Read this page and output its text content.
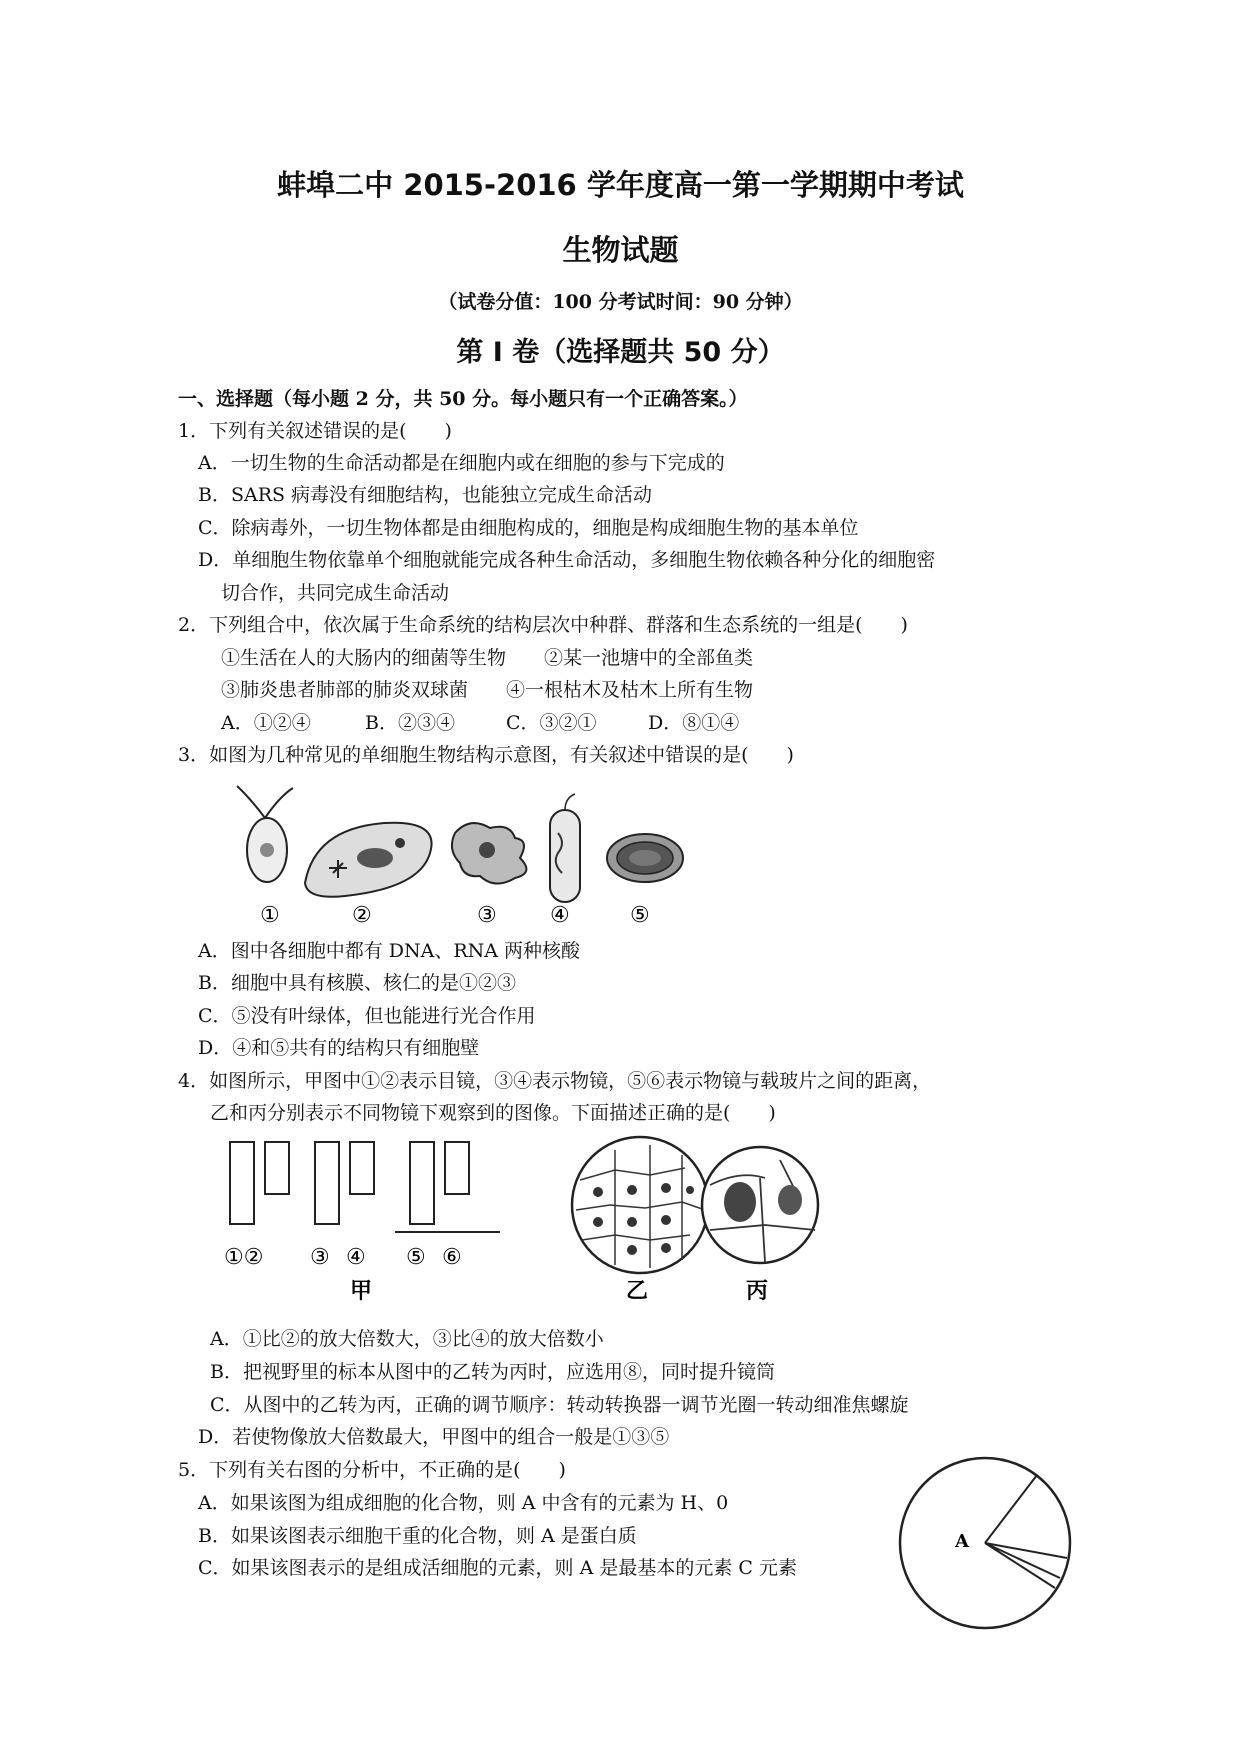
蚌埠二中 2015-2016 学年度高一第一学期期中考试
生物试题
（试卷分值：100 分考试时间：90 分钟）
第 I 卷（选择题共 50 分）
一、选择题（每小题 2 分，共 50 分。每小题只有一个正确答案。）
1．下列有关叙述错误的是(　　)
A．一切生物的生命活动都是在细胞内或在细胞的参与下完成的
B．SARS 病毒没有细胞结构，也能独立完成生命活动
C．除病毒外，一切生物体都是由细胞构成的，细胞是构成细胞生物的基本单位
D．单细胞生物依靠单个细胞就能完成各种生命活动，多细胞生物依赖各种分化的细胞密
切合作，共同完成生命活动
2．下列组合中，依次属于生命系统的结构层次中种群、群落和生态系统的一组是(　　)
①生活在人的大肠内的细菌等生物　　②某一池塘中的全部鱼类
③肺炎患者肺部的肺炎双球菌　　④一根枯木及枯木上所有生物
A．①②④	B．②③④	C．③②①	D．⑧①④
3．如图为几种常见的单细胞生物结构示意图，有关叙述中错误的是(　　)
①	②	③ ④	⑤
A．图中各细胞中都有 DNA、RNA 两种核酸
B．细胞中具有核膜、核仁的是①②③
C．⑤没有叶绿体，但也能进行光合作用
D．④和⑤共有的结构只有细胞壁
4．如图所示，甲图中①②表示目镜，③④表示物镜，⑤⑥表示物镜与载玻片之间的距离，
乙和丙分别表示不同物镜下观察到的图像。下面描述正确的是(　　)
①② ③ ④ ⑤ ⑥
甲	乙	丙
A．①比②的放大倍数大，③比④的放大倍数小
B．把视野里的标本从图中的乙转为丙时，应选用⑧，同时提升镜筒
C．从图中的乙转为丙，正确的调节顺序：转动转换器一调节光圈一转动细准焦螺旋
D．若使物像放大倍数最大，甲图中的组合一般是①③⑤
5．下列有关右图的分析中，不正确的是(　　)
A．如果该图为组成细胞的化合物，则 A 中含有的元素为 H、0
B．如果该图表示细胞干重的化合物，则 A 是蛋白质
C．如果该图表示的是组成活细胞的元素，则 A 是最基本的元素 C 元素
A
